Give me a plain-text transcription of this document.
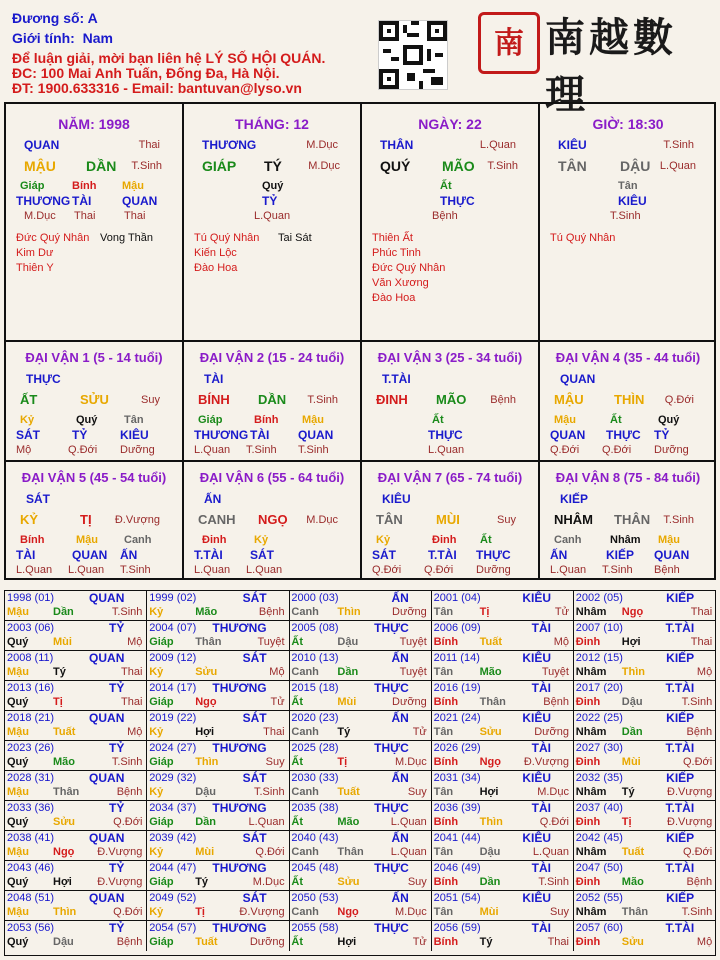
Đương số: A
Giới tính: Nam
Để luận giải, mời bạn liên hệ LÝ SỐ HỘI QUÁN.
ĐC: 100 Mai Anh Tuấn, Đống Đa, Hà Nội.
ĐT: 1900.633316 - Email: bantuvan@lyso.vn
南 南越數理
NĂM: 1998
QUAN	Thai
MẬU DẦN T.Sinh
Giáp	Bính Mậu
THƯƠNG TÀI	QUAN
M.Dục Thai	Thai
Đức Quý Nhân Vong Thần
Kim Dư
Thiên Y
THÁNG: 12
THƯƠNG	M.Dục
GIÁP TÝ M.Dục
Quý
TỶ
L.Quan
Tú Quý Nhân Tai Sát
Kiến Lộc
Đào Hoa
NGÀY: 22
THÂN	L.Quan
QUÝ MÃO T.Sinh
Ất
THỰC
Bệnh
Thiên Ất
Phúc Tinh
Đức Quý Nhân
Văn Xương
Đào Hoa
GIỜ: 18:30
KIÊU	T.Sinh
TÂN DẬU L.Quan
Tân
KIÊU
T.Sinh
Tú Quý Nhân
ĐẠI VẬN 1 (5 - 14 tuổi)
THỰC
ẤT	SỬU	Suy
Kỷ	Quý Tân
SÁT	TỶ	KIÊU
Mộ	Q.Đới Dưỡng
ĐẠI VẬN 2 (15 - 24 tuổi)
TÀI
BÍNH DẦN T.Sinh
Giáp	Bính Mậu
THƯƠNG TÀI QUAN
L.Quan T.Sinh T.Sinh
ĐẠI VẬN 3 (25 - 34 tuổi)
T.TÀI
ĐINH MÃO Bệnh
Ất
THỰC
L.Quan
ĐẠI VẬN 4 (35 - 44 tuổi)
QUAN
MẬU THÌN Q.Đới
Mậu	Ất	Quý
QUAN THỰC TỶ
Q.Đới Q.Đới Dưỡng
ĐẠI VẬN 5 (45 - 54 tuổi)
SÁT
KỶ	TỊ Đ.Vượng
Bính	Mậu Canh
TÀI	QUAN ẤN
L.Quan L.Quan T.Sinh
ĐẠI VẬN 6 (55 - 64 tuổi)
ẤN
CANH NGỌ M.Dục
Đinh	Kỷ
T.TÀI SÁT
L.Quan L.Quan
ĐẠI VẬN 7 (65 - 74 tuổi)
KIÊU
TÂN	MÙI	Suy
Kỷ	Đinh Ất
SÁT	T.TÀI THỰC
Q.Đới Q.Đới Dưỡng
ĐẠI VẬN 8 (75 - 84 tuổi)
KIẾP
NHÂM THÂN T.Sinh
Canh	Nhâm Mậu
ẤN	KIẾP QUAN
L.Quan T.Sinh Bệnh
1998 (01)	QUAN
Mậu Dần	T.Sinh
1999 (02)	SÁT
Kỷ	Mão	Bệnh
2000 (03)	ẤN
Canh Thìn	Dưỡng
2001 (04)	KIÊU
Tân Tị	Tử
2002 (05)	KIẾP
Nhâm Ngọ	Thai
2003 (06)	TỶ
Quý Mùi	Mộ
2004 (07) THƯƠNG
Giáp Thân	Tuyệt
2005 (08)	THỰC
Ất	Dậu	Tuyệt
2006 (09)	TÀI
Bính Tuất	Mộ
2007 (10)	T.TÀI
Đinh Hợi	Thai
2008 (11)	QUAN
Mậu Tý	Thai
2009 (12)	SÁT
Kỷ	Sửu	Mộ
2010 (13)	ẤN
Canh Dần	Tuyệt
2011 (14)	KIÊU
Tân Mão	Tuyệt
2012 (15)	KIẾP
Nhâm Thìn	Mộ
2013 (16)	TỶ
Quý Tị	Thai
2014 (17) THƯƠNG
Giáp Ngọ	Tử
2015 (18)	THỰC
Ất	Mùi	Dưỡng
2016 (19)	TÀI
Bính Thân	Bệnh
2017 (20)	T.TÀI
Đinh Dậu	T.Sinh
2018 (21)	QUAN
Mậu Tuất	Mộ
2019 (22)	SÁT
Kỷ	Hợi	Thai
2020 (23)	ẤN
Canh Tý	Tử
2021 (24)	KIÊU
Tân Sửu	Dưỡng
2022 (25)	KIẾP
Nhâm Dần	Bệnh
2023 (26)	TỶ
Quý Mão	T.Sinh
2024 (27) THƯƠNG
Giáp Thìn	Suy
2025 (28)	THỰC
Ất	Tị	M.Dục
2026 (29)	TÀI
Bính Ngọ Đ.Vượng
2027 (30)	T.TÀI
Đinh Mùi	Q.Đới
2028 (31)	QUAN
Mậu Thân	Bệnh
2029 (32)	SÁT
Kỷ	Dậu	T.Sinh
2030 (33)	ẤN
Canh Tuất	Suy
2031 (34)	KIÊU
Tân Hợi	M.Dục
2032 (35)	KIẾP
Nhâm Tý	Đ.Vượng
2033 (36)	TỶ
Quý Sửu	Q.Đới
2034 (37) THƯƠNG
Giáp Dần	L.Quan
2035 (38)	THỰC
Ất	Mão	L.Quan
2036 (39)	TÀI
Bính Thìn	Q.Đới
2037 (40)	T.TÀI
Đinh Tị	Đ.Vượng
2038 (41)	QUAN
Mậu Ngọ Đ.Vượng
2039 (42)	SÁT
Kỷ	Mùi	Q.Đới
2040 (43)	ẤN
Canh Thân L.Quan
2041 (44)	KIÊU
Tân Dậu	L.Quan
2042 (45)	KIẾP
Nhâm Tuất	Q.Đới
2043 (46)	TỶ
Quý Hợi Đ.Vượng
2044 (47) THƯƠNG
Giáp Tý	M.Dục
2045 (48)	THỰC
Ất	Sửu	Suy
2046 (49)	TÀI
Bính Dần	T.Sinh
2047 (50)	T.TÀI
Đinh Mão	Bệnh
2048 (51)	QUAN
Mậu Thìn	Q.Đới
2049 (52)	SÁT
Kỷ	Tị	Đ.Vượng
2050 (53)	ẤN
Canh Ngọ	M.Dục
2051 (54)	KIÊU
Tân Mùi	Suy
2052 (55)	KIẾP
Nhâm Thân	T.Sinh
2053 (56)	TỶ
Quý Dậu	Bệnh
2054 (57) THƯƠNG
Giáp Tuất	Dưỡng
2055 (58)	THỰC
Ất	Hợi	Tử
2056 (59)	TÀI
Bính Tý	Thai
2057 (60)	T.TÀI
Đinh Sửu	Mộ
